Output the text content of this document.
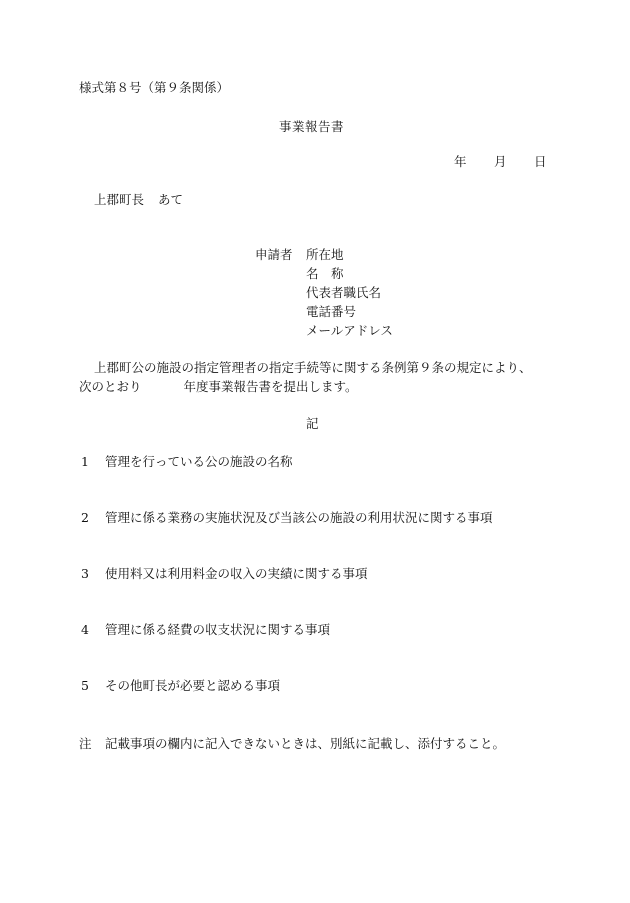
様式第８号（第９条関係）
事業報告書
年 月 日
上郡町長 あて
申請者 所在地
名　称
代表者職氏名
電話番号
メールアドレス
上郡町公の施設の指定管理者の指定手続等に関する条例第９条の規定により、
次のとおり	年度事業報告書を提出します。
記
1 管理を行っている公の施設の名称
2 管理に係る業務の実施状況及び当該公の施設の利用状況に関する事項
3 使用料又は利用料金の収入の実績に関する事項
4 管理に係る経費の収支状況に関する事項
5 その他町長が必要と認める事項
注 記載事項の欄内に記入できないときは、別紙に記載し、添付すること。
